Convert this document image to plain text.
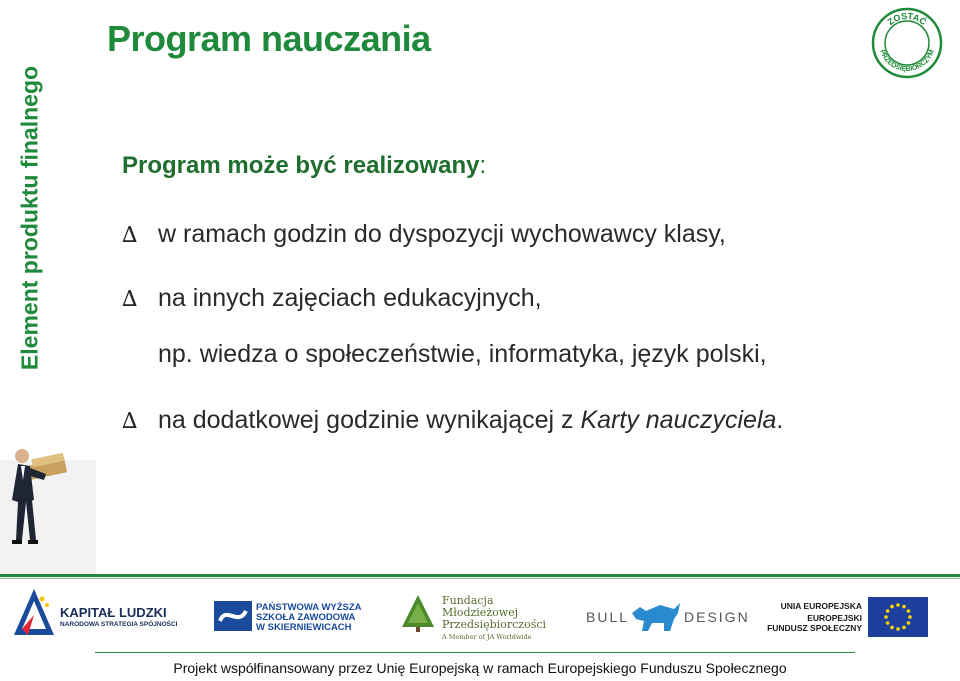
Element produktu finalnego
Program nauczania	ZOSTAĆ
PRZEDSIĘBIORCZYM
Program może być realizowany:
∆ w ramach godzin do dyspozycji wychowawcy klasy,
∆ na innych zajęciach edukacyjnych,
np. wiedza o społeczeństwie, informatyka, język polski,
∆ na dodatkowej godzinie wynikającej z Karty nauczyciela.
KAPITAŁ LUDZKI
NARODOWA STRATEGIA SPÓJNOŚCI
PAŃSTWOWA WYŻSZA
SZKOŁA ZAWODOWA
W SKIERNIEWICACH
Fundacja
Młodzieżowej
Przedsiębiorczości
A Member of JA Worldwide
BULL	DESIGN
UNIA EUROPEJSKA
EUROPEJSKI
FUNDUSZ SPOŁECZNY
Projekt współfinansowany przez Unię Europejską w ramach Europejskiego Funduszu Społecznego
